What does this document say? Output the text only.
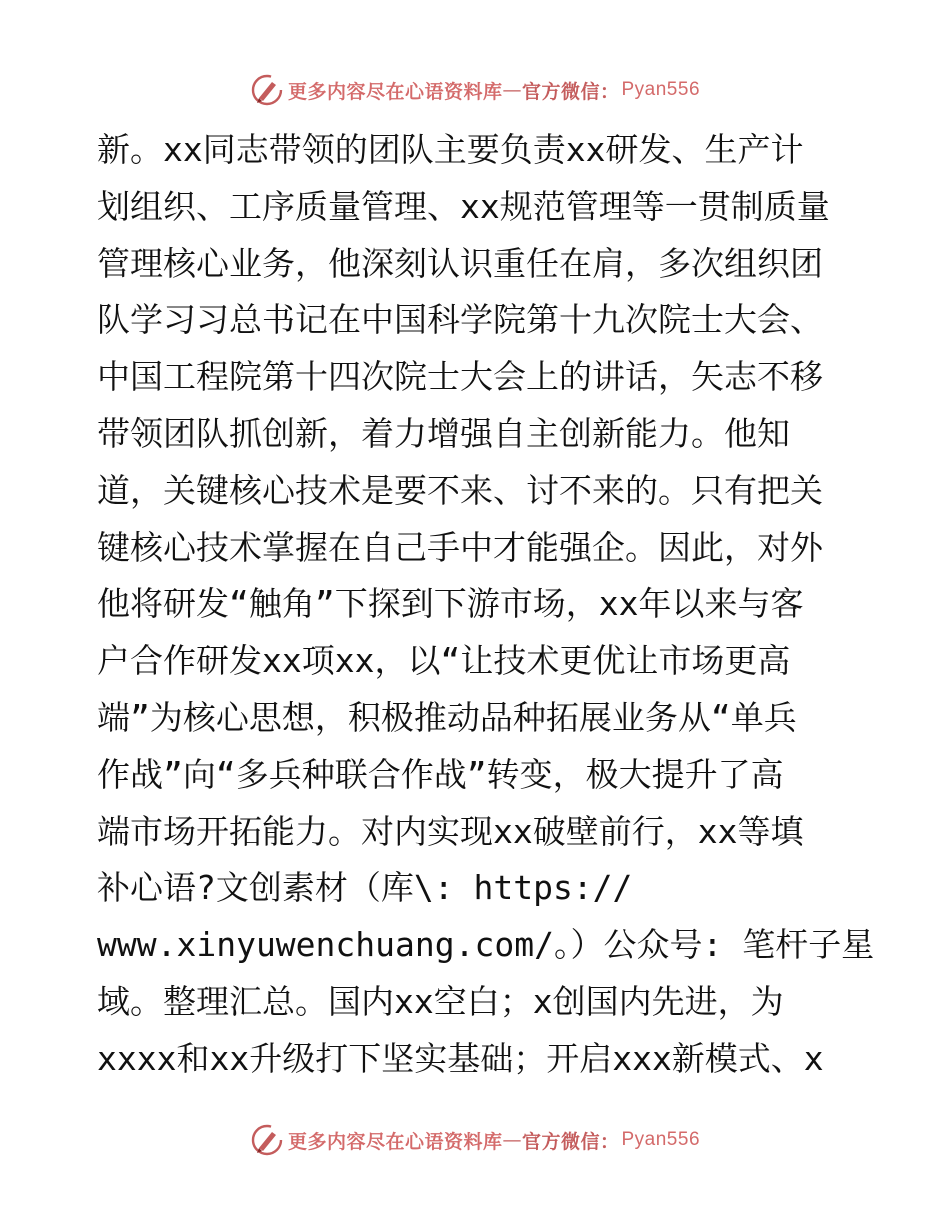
更多内容尽在心语资料库 — 官方微信： Pyan556
新。xx同志带领的团队主要负责xx研发、生产计
划组织、工序质量管理、xx规范管理等一贯制质量
管理核心业务，他深刻认识重任在肩，多次组织团
队学习习总书记在中国科学院第十九次院士大会、
中国工程院第十四次院士大会上的讲话，矢志不移
带领团队抓创新，着力增强自主创新能力。他知
道，关键核心技术是要不来、讨不来的。只有把关
键核心技术掌握在自己手中才能强企。因此，对外
他将研发“触角”下探到下游市场，xx年以来与客
户合作研发xx项xx，以“让技术更优让市场更高
端”为核心思想，积极推动品种拓展业务从“单兵
作战”向“多兵种联合作战”转变，极大提升了高
端市场开拓能力。对内实现xx破壁前行，xx等填
补心语?文创素材（库\: https://
www.xinyuwenchuang.com/。）公众号: 笔杆子星
域。整理汇总。国内xx空白；x创国内先进，为
xxxx和xx升级打下坚实基础；开启xxx新模式、x
更多内容尽在心语资料库 — 官方微信： Pyan556
